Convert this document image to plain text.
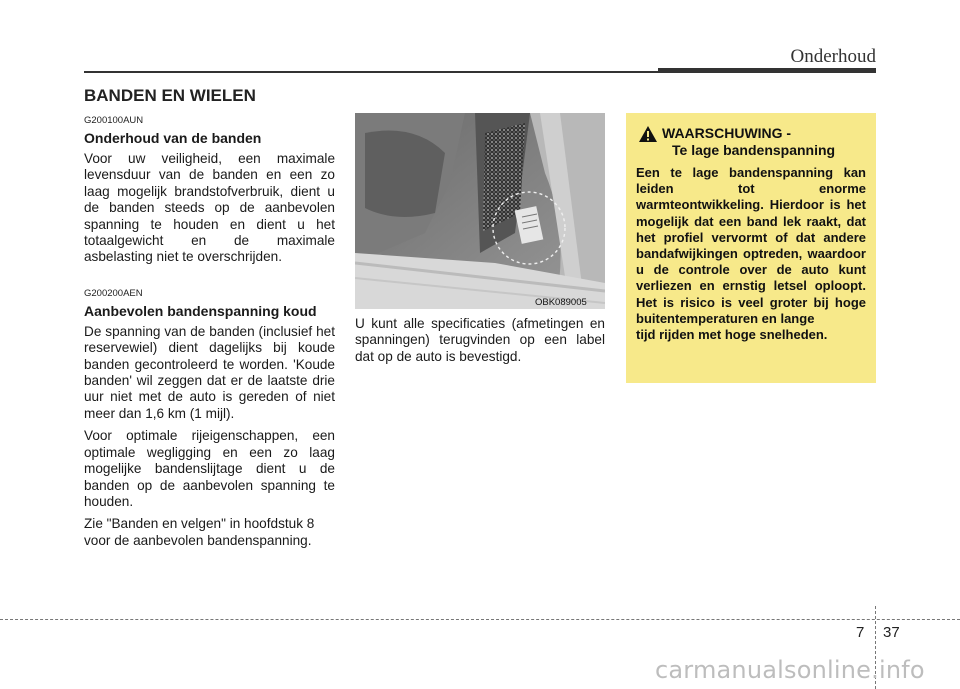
Onderhoud
BANDEN EN WIELEN
G200100AUN
Onderhoud van de banden
Voor uw veiligheid, een maximale levensduur van de banden en een zo laag mogelijk brandstofverbruik, dient u de banden steeds op de aanbevolen spanning te houden en dient u het totaalgewicht en de maximale asbelasting niet te overschrijden.
G200200AEN
Aanbevolen bandenspanning koud
De spanning van de banden (inclusief het reservewiel) dient dagelijks bij koude banden gecontroleerd te worden. 'Koude banden' wil zeggen dat er de laatste drie uur niet met de auto is gereden of niet meer dan 1,6 km (1 mijl).
Voor optimale rijeigenschappen, een optimale wegligging en een zo laag mogelijke bandenslijtage dient u de banden op de aanbevolen spanning te houden.
Zie "Banden en velgen" in hoofdstuk 8 voor de aanbevolen bandenspanning.
OBK089005
U kunt alle specificaties (afmetingen en spanningen) terugvinden op een label dat op de auto is bevestigd.
WAARSCHUWING -
Te lage bandenspanning
Een te lage bandenspanning kan leiden tot enorme warmteontwikkeling. Hierdoor is het mogelijk dat een band lek raakt, dat het profiel vervormt of dat andere bandafwijkingen optreden, waardoor u de controle over de auto kunt verliezen en ernstig letsel oploopt. Het is risico is veel groter bij hoge buitentemperaturen en lange
tijd rijden met hoge snelheden.
7 37
carmanualsonline.info
